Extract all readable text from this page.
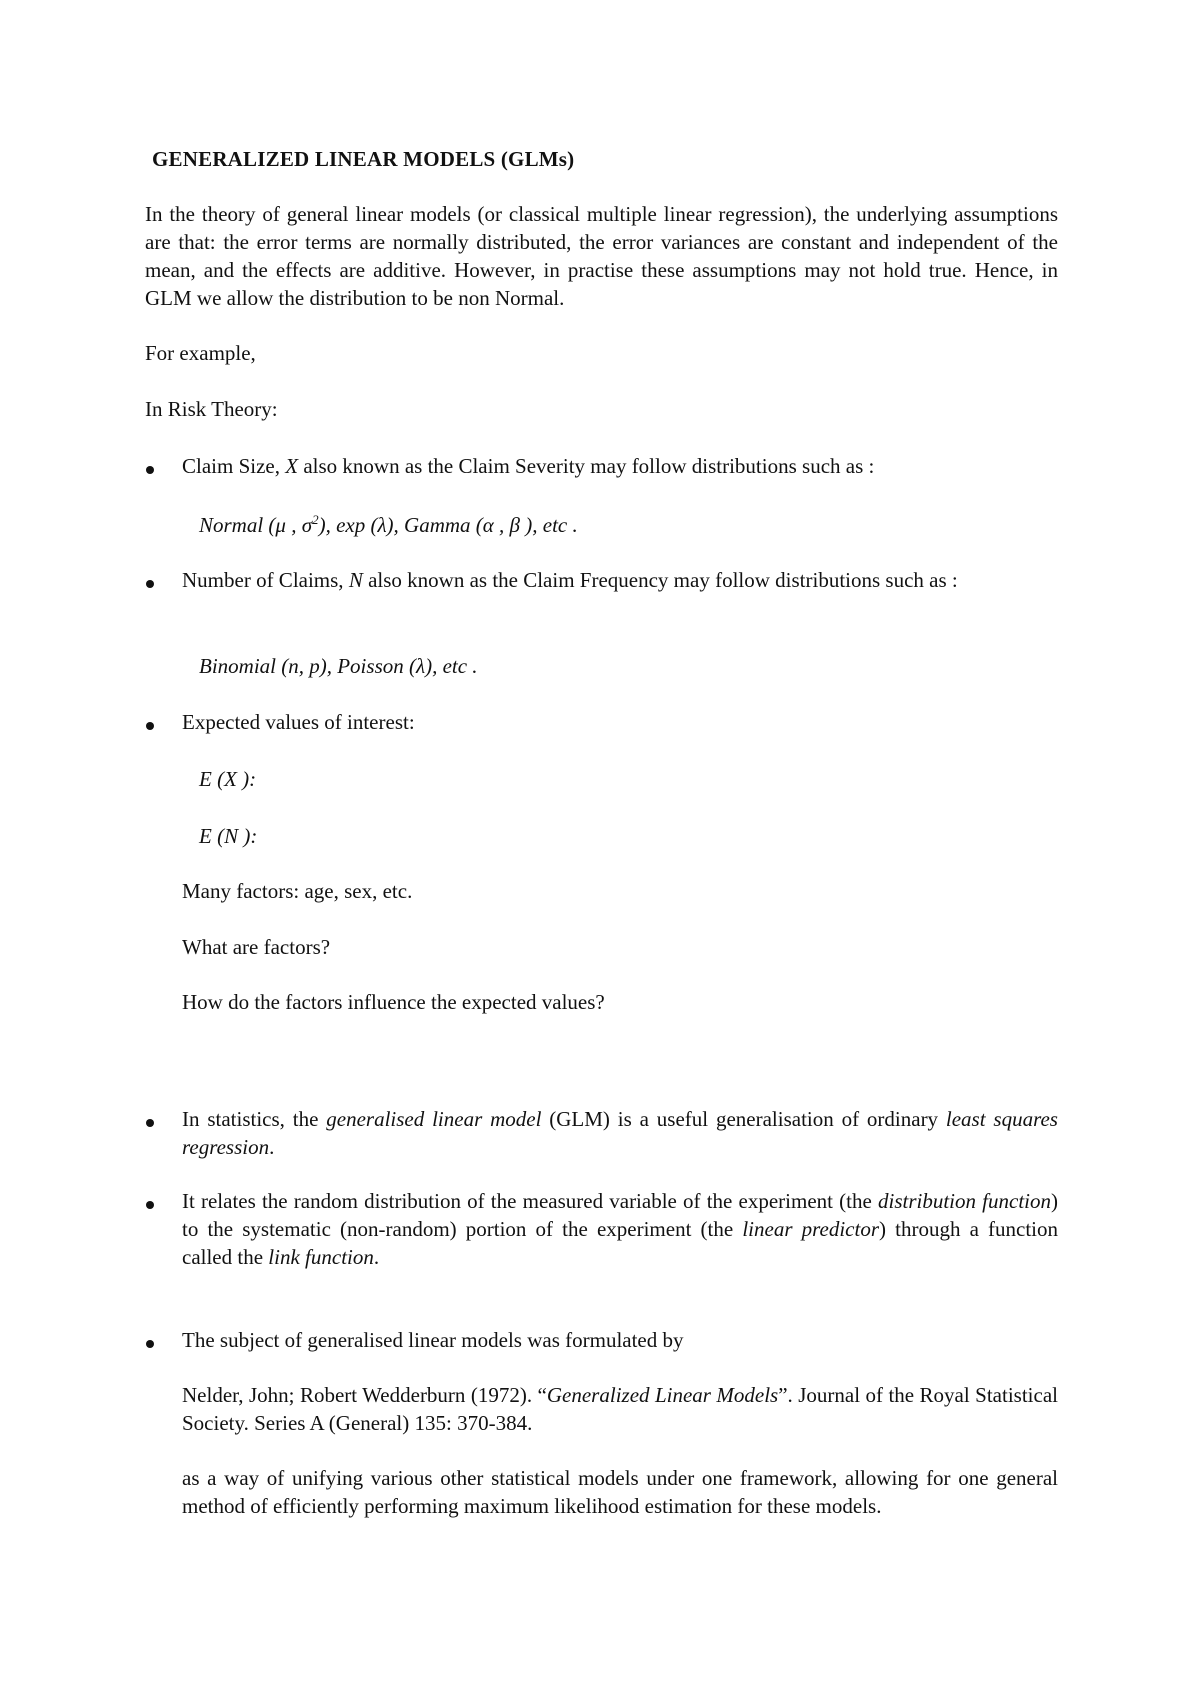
GENERALIZED LINEAR MODELS (GLMs)

In the theory of general linear models (or classical multiple linear regression), the underlying assumptions are that: the error terms are normally distributed, the error variances are constant and independent of the mean, and the effects are additive. However, in practise these assumptions may not hold true. Hence, in GLM we allow the distribution to be non Normal.

For example,

In Risk Theory:

Claim Size, X also known as the Claim Severity may follow distributions such as :

Normal (μ , $\sigma^2$), exp (λ), Gamma (α , β ), etc .

Number of Claims, N also known as the Claim Frequency may follow distributions such as :

Binomial (n, p), Poisson (λ), etc .

Expected values of interest:

E (X ):

E (N ):

Many factors: age, sex, etc.

What are factors?

How do the factors influence the expected values?

In statistics, the generalised linear model (GLM) is a useful generalisation of ordinary least squares regression.

It relates the random distribution of the measured variable of the experiment (the distribution function) to the systematic (non-random) portion of the experiment (the linear predictor) through a function called the link function.

The subject of generalised linear models was formulated by

Nelder, John; Robert Wedderburn (1972). “Generalized Linear Models”. Journal of the Royal Statistical Society. Series A (General) 135: 370-384.

as a way of unifying various other statistical models under one framework, allowing for one general method of efficiently performing maximum likelihood estimation for these models.
